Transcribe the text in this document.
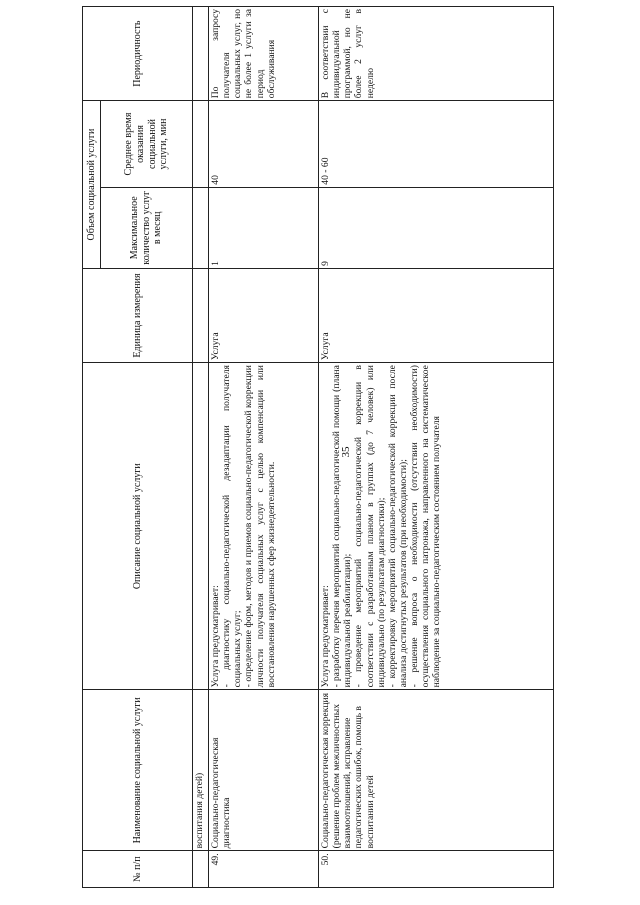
35
№ п/п	Наименование социальной услуги	Описание социальной услуги	Единица измерения	Объем социальной услуги		Периодичность
				Максимальное количество услуг в месяц	Среднее время оказания социальной услуги, мин	
	воспитания детей)					
49.	Социально-педагогическая диагностика	Услуга предусматривает: - диагностику социально-педагогической дезадаптации получателя социальных услуг; - определение форм, методов и приемов социально-педагогической коррекции личности получателя социальных услуг с целью компенсации или восстановления нарушенных сфер жизнедеятельности.	Услуга	1	40	По запросу получателя социальных услуг, но не более 1 услуги за период обслуживания
50.	Социально-педагогическая коррекция (решение проблем межличностных взаимоотношений, исправление педагогических ошибок, помощь в воспитании детей	Услуга предусматривает: - разработку перечня мероприятий социально-педагогической помощи (плана индивидуальной реабилитации); - проведение мероприятий социально-педагогической коррекции в соответствии с разработанным планом в группах (до 7 человек) или индивидуально (по результатам диагностики); - корректировку мероприятий социально-педагогической коррекции после анализа достигнутых результатов (при необходимости); - решение вопроса о необходимости (отсутствии необходимости) осуществления социального патронажа, направленного на систематическое наблюдение за социально-педагогическим состоянием получателя	Услуга	9	40 - 60	В соответствии с индивидуальной программой, но не более 2 услуг в неделю
